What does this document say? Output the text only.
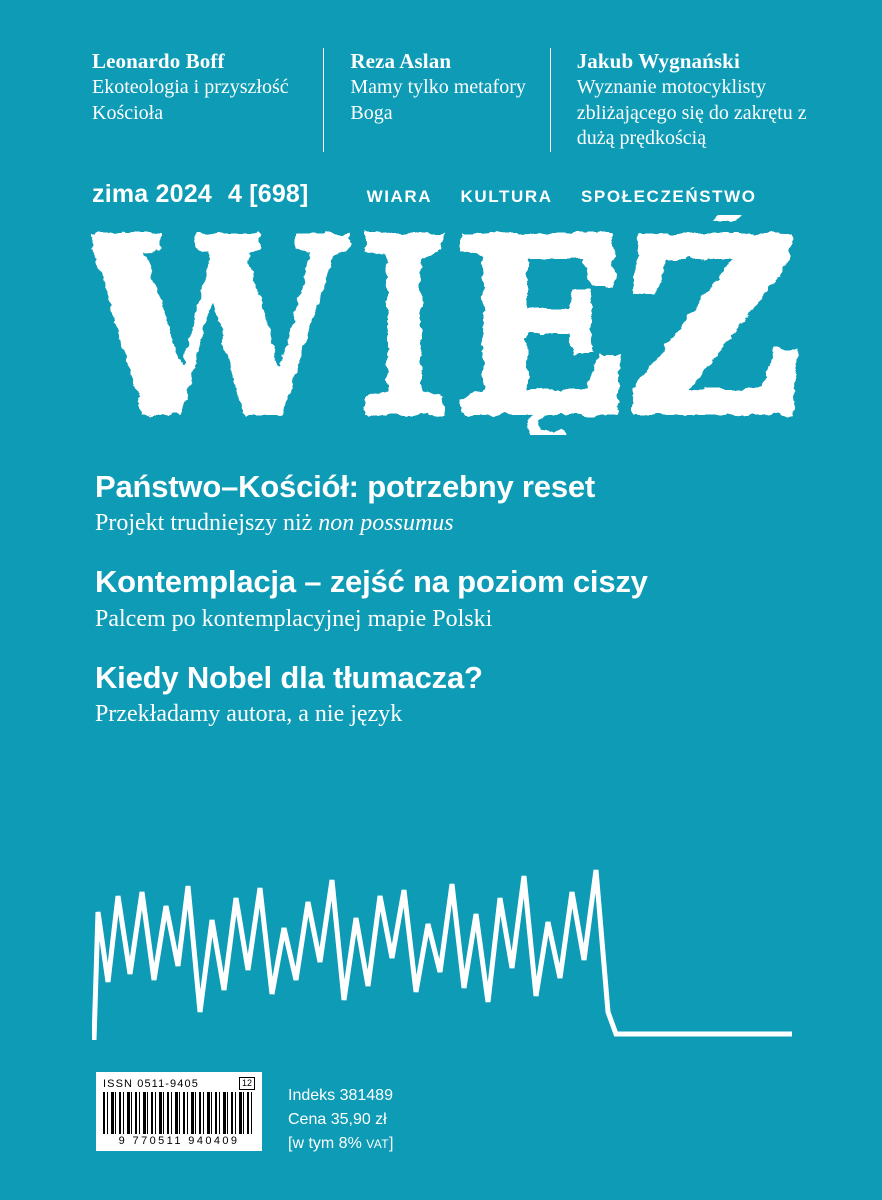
Leonardo Boff

Ekoteologia i przyszłość Kościoła

Reza Aslan

Mamy tylko metafory Boga

Jakub Wygnański

Wyznanie motocyklisty zbliżającego się do zakrętu z dużą prędkością

zima 2024 4 [698]	WIARA KULTURA SPOŁECZEŃSTWO

Państwo–Kościół: potrzebny reset

Projekt trudniejszy niż non possumus

Kontemplacja – zejść na poziom ciszy

Palcem po kontemplacyjnej mapie Polski

Kiedy Nobel dla tłumacza?

Przekładamy autora, a nie język

ISSN 0511-9405	12
9 770511 940409
Indeks 381489
Cena 35,90 zł
[w tym 8% VAT]
